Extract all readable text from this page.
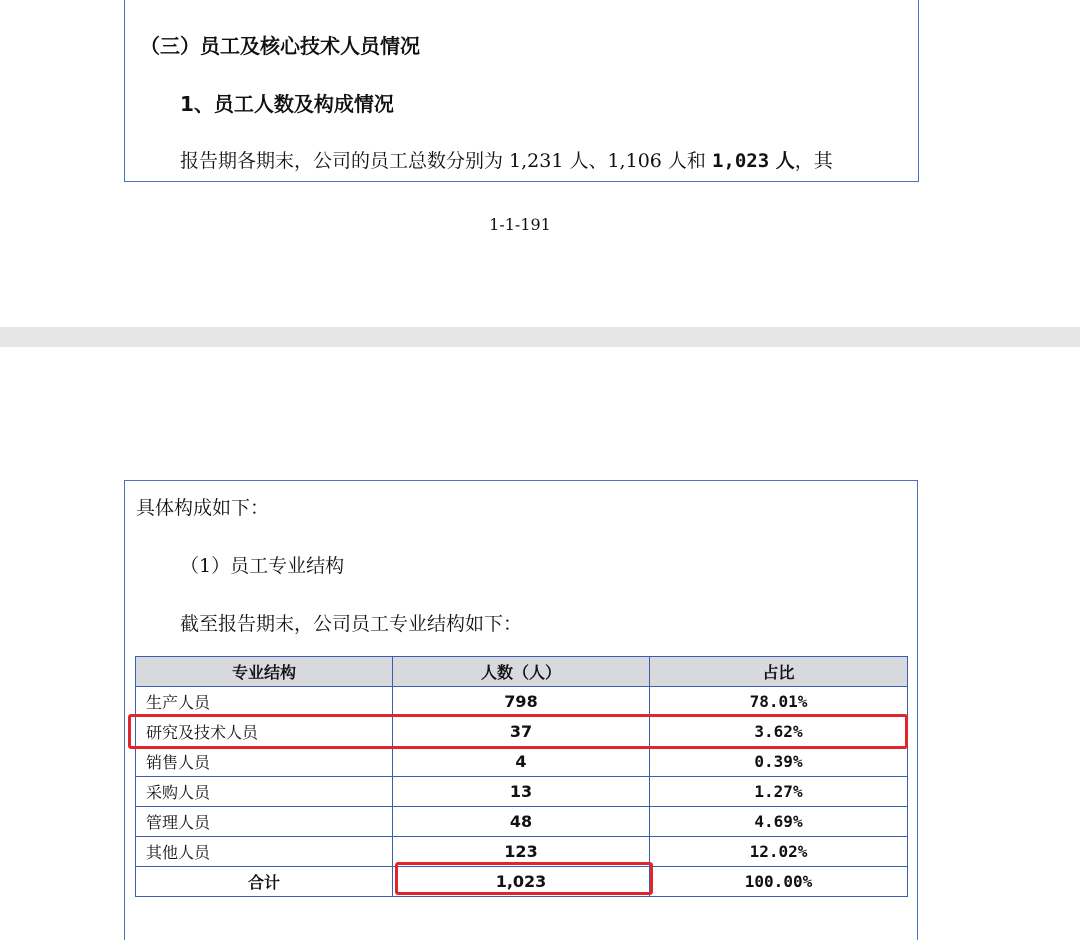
（三）员工及核心技术人员情况
1、员工人数及构成情况
报告期各期末，公司的员工总数分别为 1,231 人、1,106 人和 1,023 人，其
1-1-191
具体构成如下：
（1）员工专业结构
截至报告期末，公司员工专业结构如下：
专业结构	人数（人）	占比
生产人员	798	78.01%
研究及技术人员	37	3.62%
销售人员	4	0.39%
采购人员	13	1.27%
管理人员	48	4.69%
其他人员	123	12.02%
合计	1,023	100.00%
